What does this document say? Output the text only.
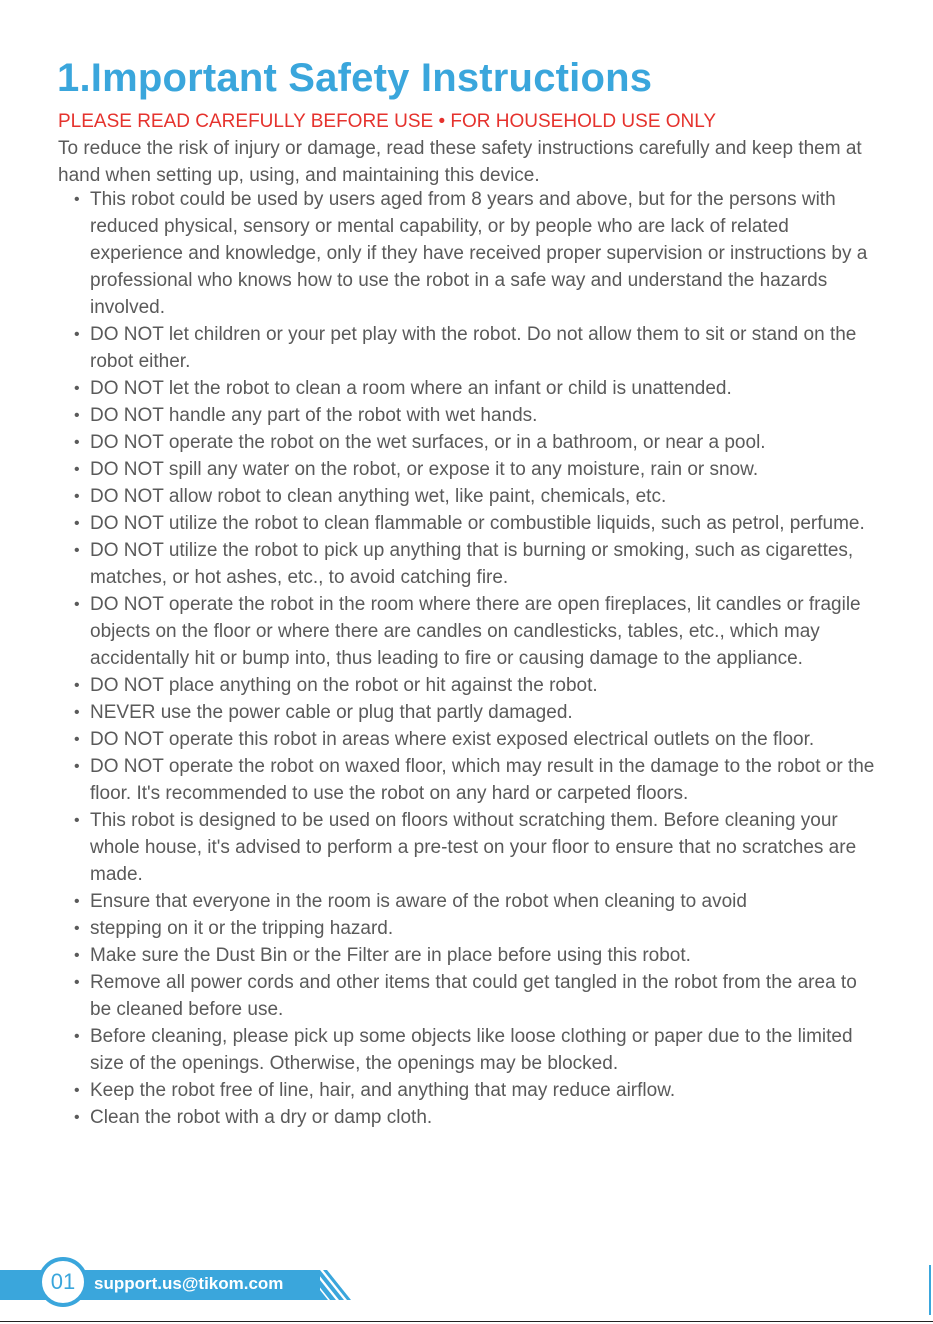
1.Important Safety Instructions
PLEASE READ CAREFULLY BEFORE USE • FOR HOUSEHOLD USE ONLY
To reduce the risk of injury or damage, read these safety instructions carefully and keep them at hand when setting up, using, and maintaining this device.
• This robot could be used by users aged from 8 years and above, but for the persons with reduced physical, sensory or mental capability, or by people who are lack of related experience and knowledge, only if they have received proper supervision or instructions by a professional who knows how to use the robot in a safe way and understand the hazards involved.
• DO NOT let children or your pet play with the robot. Do not allow them to sit or stand on the robot either.
• DO NOT let the robot to clean a room where an infant or child is unattended.
• DO NOT handle any part of the robot with wet hands.
• DO NOT operate the robot on the wet surfaces, or in a bathroom, or near a pool.
• DO NOT spill any water on the robot, or expose it to any moisture, rain or snow.
• DO NOT allow robot to clean anything wet, like paint, chemicals, etc.
• DO NOT utilize the robot to clean flammable or combustible liquids, such as petrol, perfume.
• DO NOT utilize the robot to pick up anything that is burning or smoking, such as cigarettes, matches, or hot ashes, etc., to avoid catching fire.
• DO NOT operate the robot in the room where there are open fireplaces, lit candles or fragile objects on the floor or where there are candles on candlesticks, tables, etc., which may accidentally hit or bump into, thus leading to fire or causing damage to the appliance.
• DO NOT place anything on the robot or hit against the robot.
• NEVER use the power cable or plug that partly damaged.
• DO NOT operate this robot in areas where exist exposed electrical outlets on the floor.
• DO NOT operate the robot on waxed floor, which may result in the damage to the robot or the floor. It's recommended to use the robot on any hard or carpeted floors.
• This robot is designed to be used on floors without scratching them. Before cleaning your whole house, it's advised to perform a pre-test on your floor to ensure that no scratches are made.
• Ensure that everyone in the room is aware of the robot when cleaning to avoid
• stepping on it or the tripping hazard.
• Make sure the Dust Bin or the Filter are in place before using this robot.
• Remove all power cords and other items that could get tangled in the robot from the area to be cleaned before use.
• Before cleaning, please pick up some objects like loose clothing or paper due to the limited size of the openings. Otherwise, the openings may be blocked.
• Keep the robot free of line, hair, and anything that may reduce airflow.
• Clean the robot with a dry or damp cloth.
01 support.us@tikom.com
